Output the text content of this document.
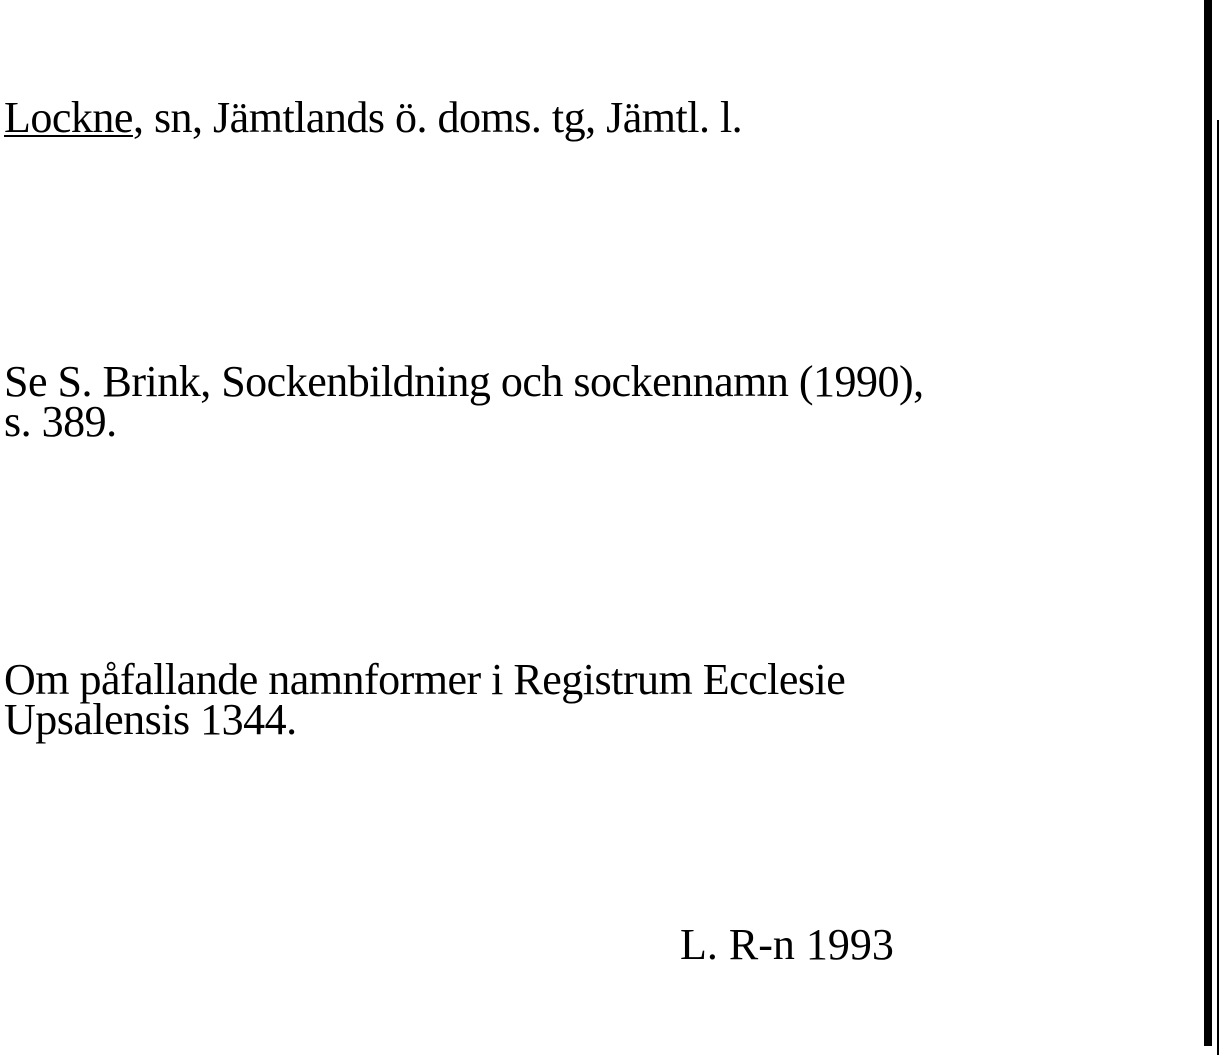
Lockne, sn, Jämtlands ö. doms. tg, Jämtl. l.
Se S. Brink, Sockenbildning och sockennamn (1990),
s. 389.
Om påfallande namnformer i Registrum Ecclesie
Upsalensis 1344.
L. R-n 1993
